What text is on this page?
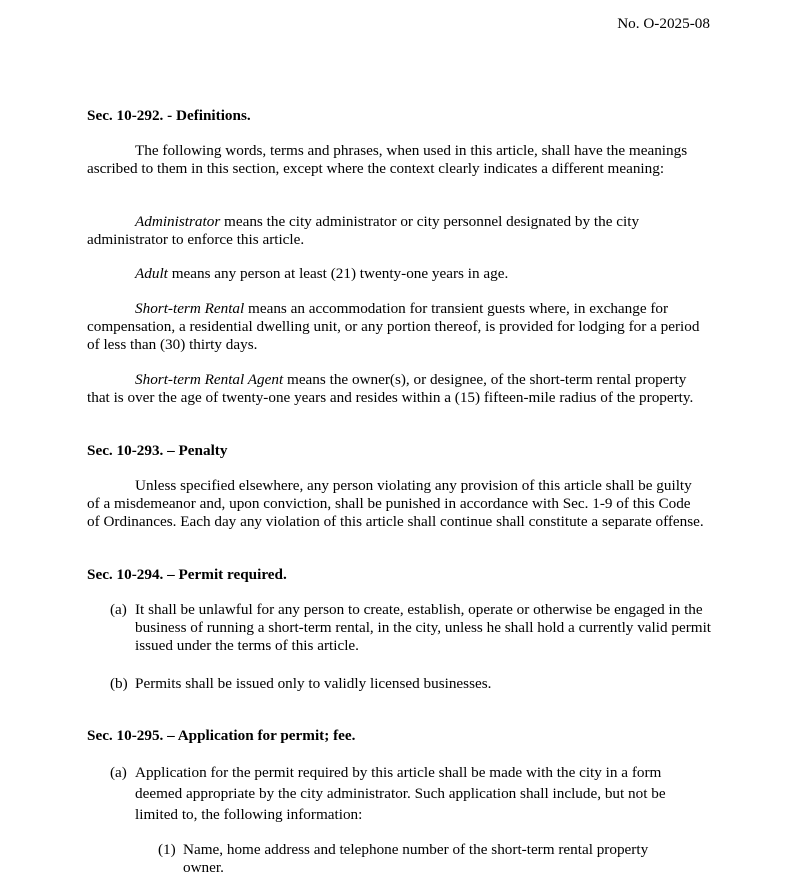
No. O-2025-08

Sec. 10-292. - Definitions.

The following words, terms and phrases, when used in this article, shall have the meanings ascribed to them in this section, except where the context clearly indicates a different meaning:

Administrator means the city administrator or city personnel designated by the city administrator to enforce this article.

Adult means any person at least (21) twenty-one years in age.

Short-term Rental means an accommodation for transient guests where, in exchange for compensation, a residential dwelling unit, or any portion thereof, is provided for lodging for a period of less than (30) thirty days.

Short-term Rental Agent means the owner(s), or designee, of the short-term rental property that is over the age of twenty-one years and resides within a (15) fifteen-mile radius of the property.

Sec. 10-293. – Penalty

Unless specified elsewhere, any person violating any provision of this article shall be guilty of a misdemeanor and, upon conviction, shall be punished in accordance with Sec. 1-9 of this Code of Ordinances. Each day any violation of this article shall continue shall constitute a separate offense.

Sec. 10-294. – Permit required.

(a) It shall be unlawful for any person to create, establish, operate or otherwise be engaged in the business of running a short-term rental, in the city, unless he shall hold a currently valid permit issued under the terms of this article.
(b) Permits shall be issued only to validly licensed businesses.

Sec. 10-295. – Application for permit; fee.

(a) Application for the permit required by this article shall be made with the city in a form deemed appropriate by the city administrator. Such application shall include, but not be limited to, the following information:
(1) Name, home address and telephone number of the short-term rental property owner.
